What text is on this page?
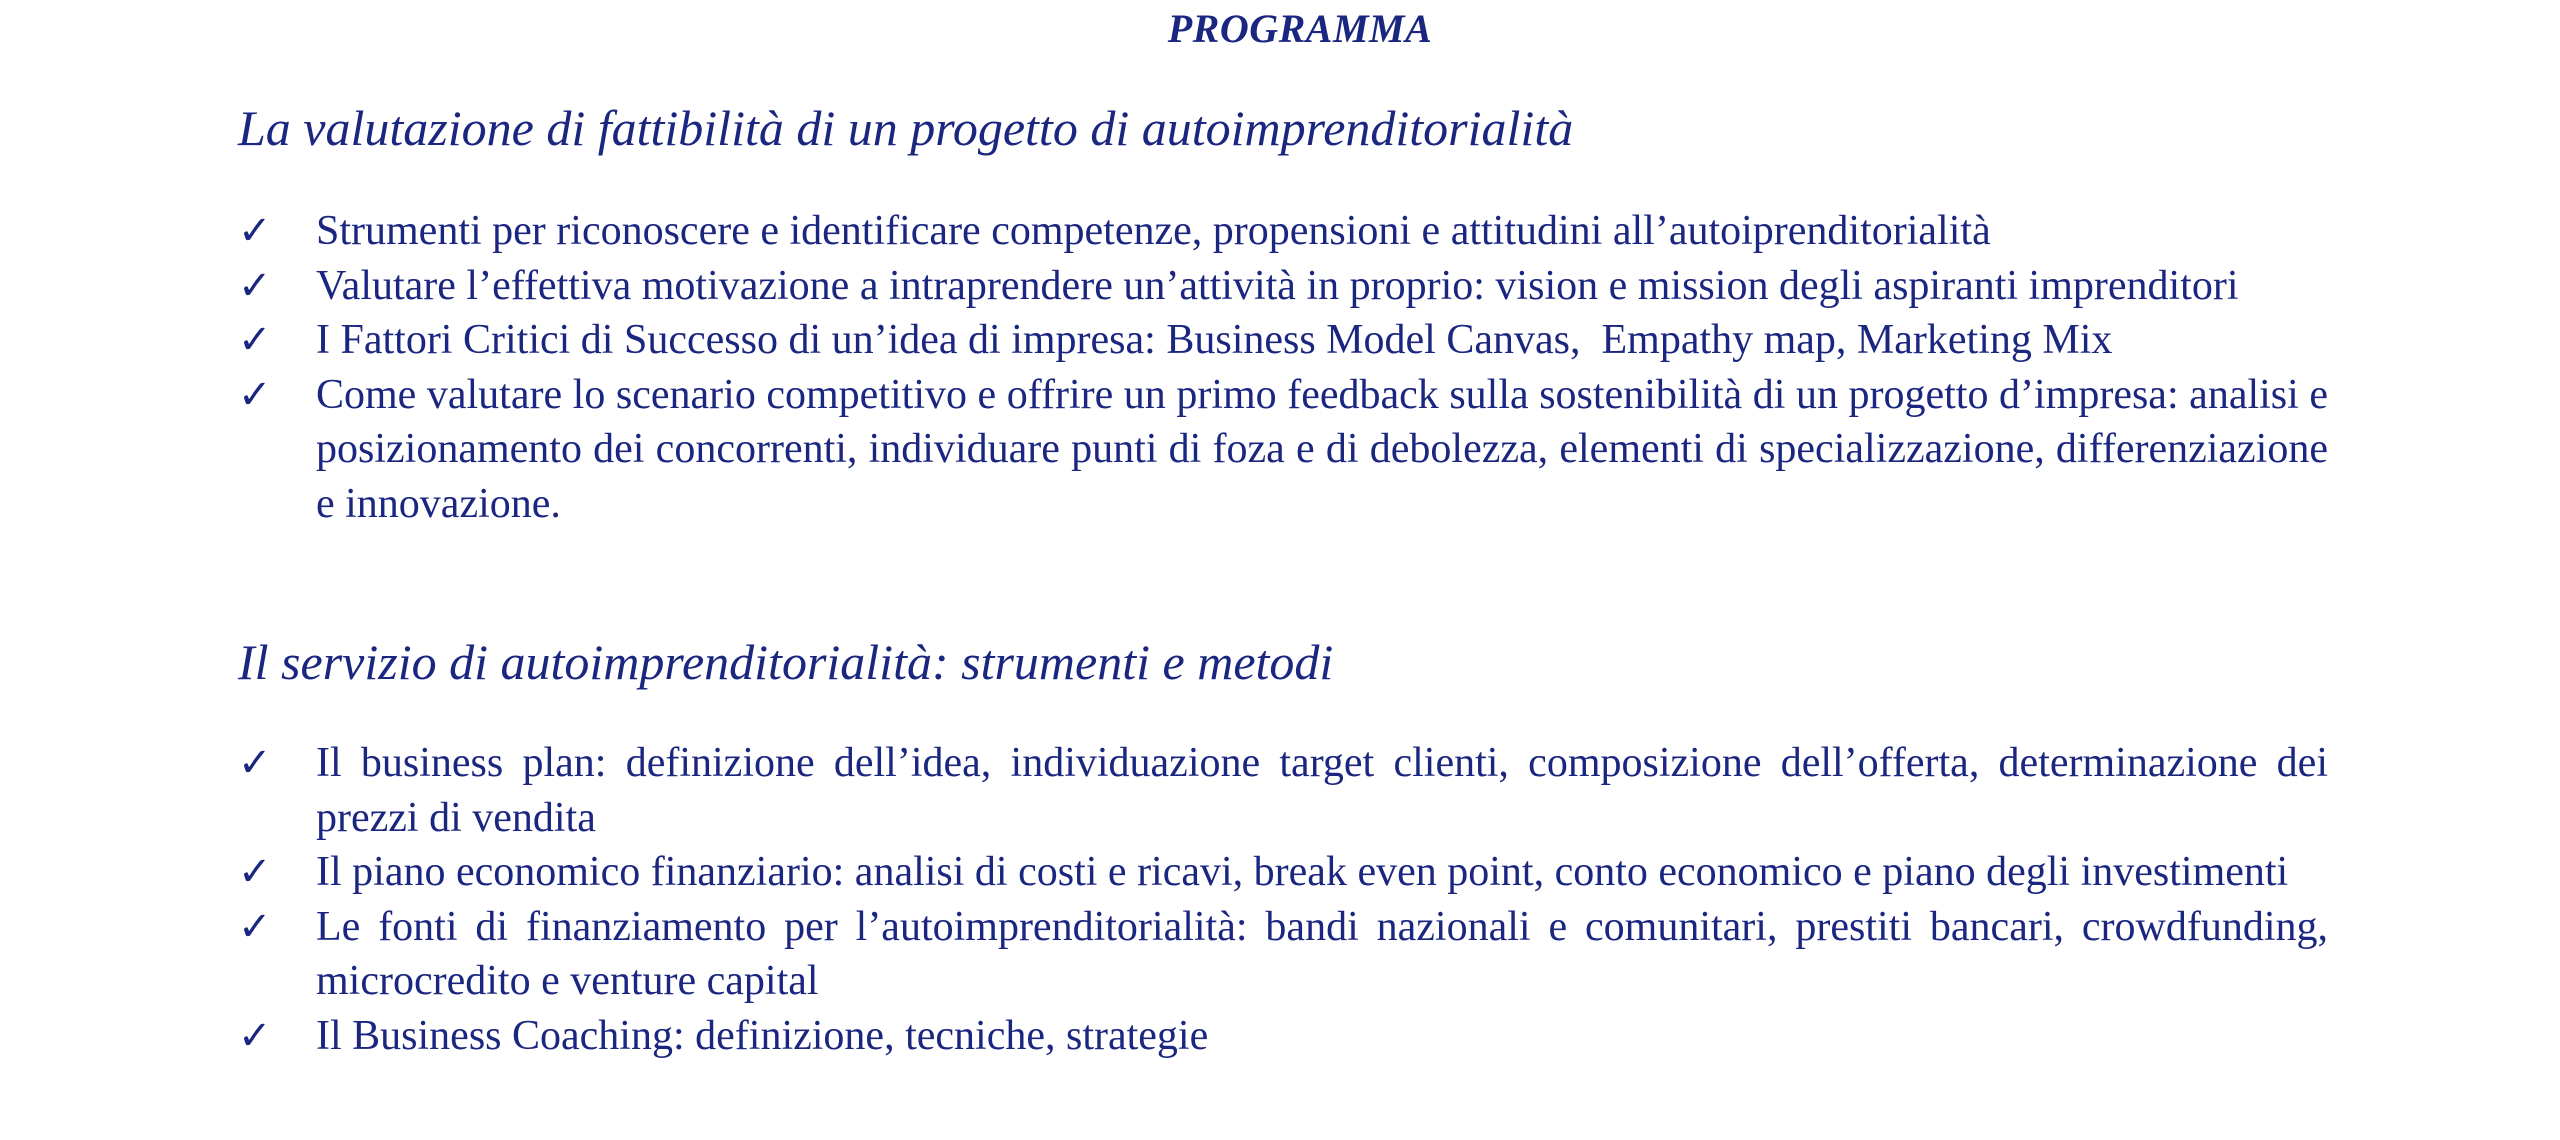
PROGRAMMA
La valutazione di fattibilità di un progetto di autoimprenditorialità
✓ Strumenti per riconoscere e identificare competenze, propensioni e attitudini all’autoiprenditorialità
✓ Valutare l’effettiva motivazione a intraprendere un’attività in proprio: vision e mission degli aspiranti imprenditori
✓ I Fattori Critici di Successo di un’idea di impresa: Business Model Canvas,  Empathy map, Marketing Mix
✓ Come valutare lo scenario competitivo e offrire un primo feedback sulla sostenibilità di un progetto d’impresa: analisi e posizionamento dei concorrenti, individuare punti di foza e di debolezza, elementi di specializzazione, differenziazione e innovazione.
Il servizio di autoimprenditorialità: strumenti e metodi
✓ Il business plan: definizione dell’idea, individuazione target clienti, composizione dell’offerta, determinazione dei prezzi di vendita
✓ Il piano economico finanziario: analisi di costi e ricavi, break even point, conto economico e piano degli investimenti
✓ Le fonti di finanziamento per l’autoimprenditorialità: bandi nazionali e comunitari, prestiti bancari, crowdfunding, microcredito e venture capital
✓ Il Business Coaching: definizione, tecniche, strategie
